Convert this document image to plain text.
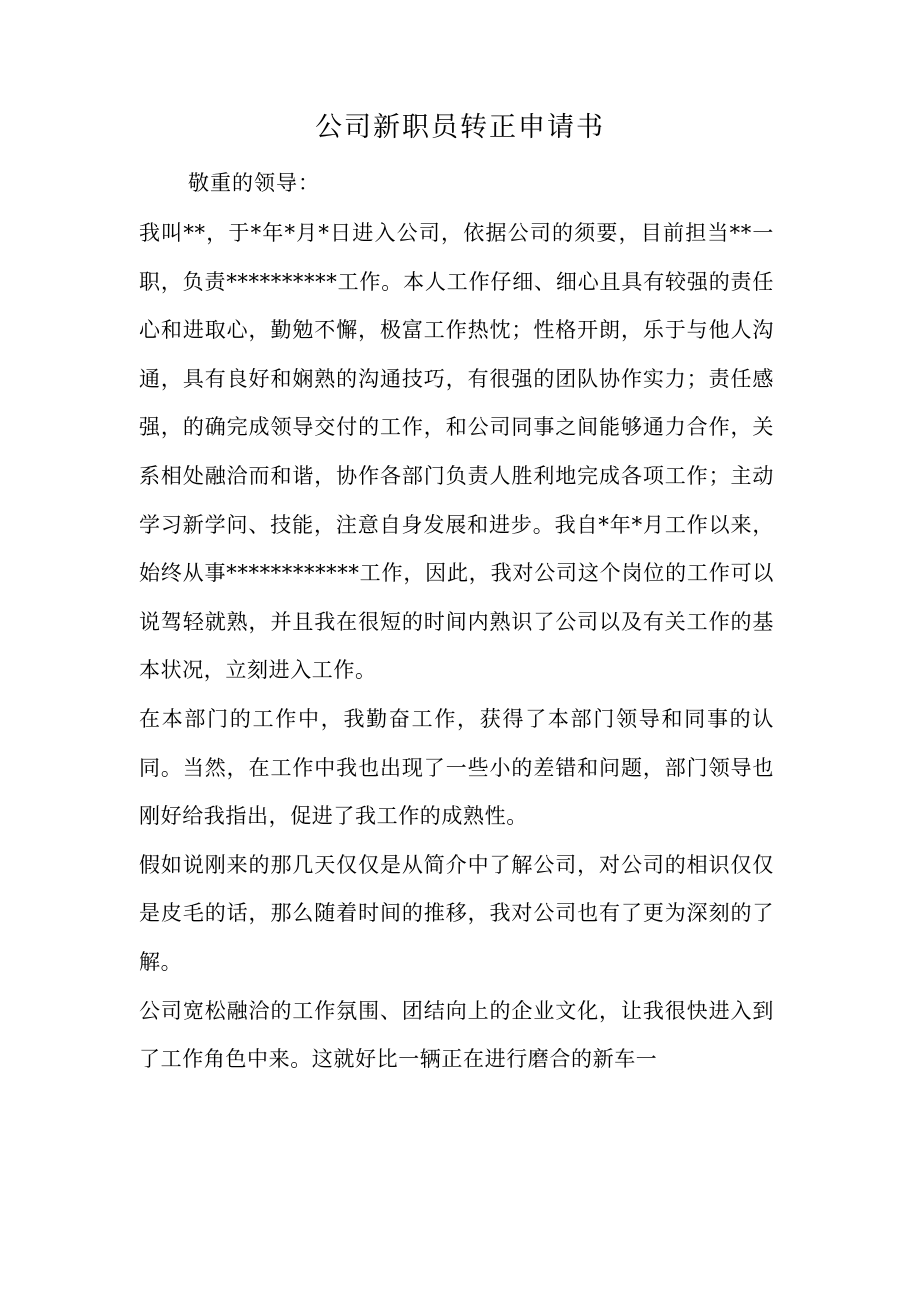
公司新职员转正申请书

敬重的领导：

我叫**，于*年*月*日进入公司，依据公司的须要，目前担当**一职，负责**********工作。本人工作仔细、细心且具有较强的责任心和进取心，勤勉不懈，极富工作热忱；性格开朗，乐于与他人沟通，具有良好和娴熟的沟通技巧，有很强的团队协作实力；责任感强，的确完成领导交付的工作，和公司同事之间能够通力合作，关系相处融洽而和谐，协作各部门负责人胜利地完成各项工作；主动学习新学问、技能，注意自身发展和进步。我自*年*月工作以来，始终从事************工作，因此，我对公司这个岗位的工作可以说驾轻就熟，并且我在很短的时间内熟识了公司以及有关工作的基本状况，立刻进入工作。

在本部门的工作中，我勤奋工作，获得了本部门领导和同事的认同。当然，在工作中我也出现了一些小的差错和问题，部门领导也刚好给我指出，促进了我工作的成熟性。

假如说刚来的那几天仅仅是从简介中了解公司，对公司的相识仅仅是皮毛的话，那么随着时间的推移，我对公司也有了更为深刻的了解。

公司宽松融洽的工作氛围、团结向上的企业文化，让我很快进入到了工作角色中来。这就好比一辆正在进行磨合的新车一
